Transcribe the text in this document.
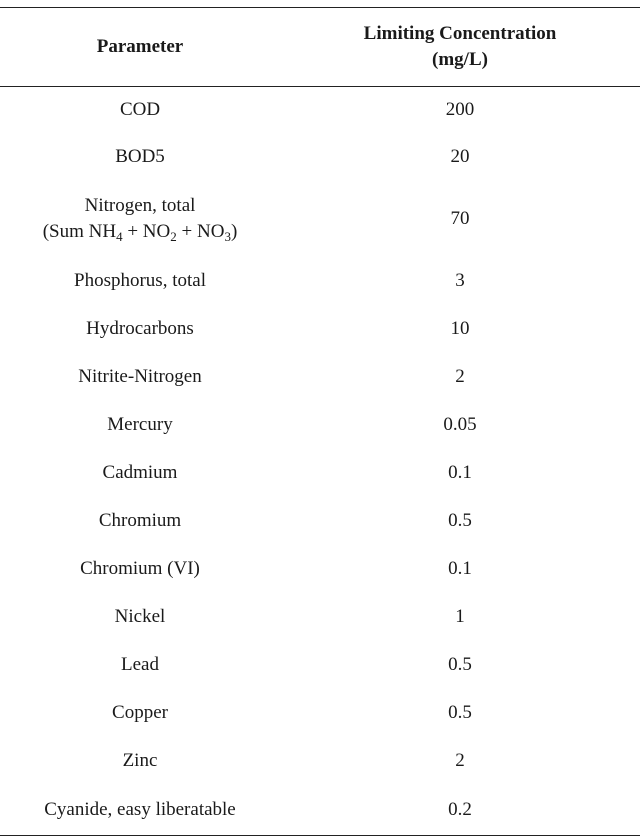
Parameter	Limiting Concentration
(mg/L)
COD	200
BOD5	20
Nitrogen, total
(Sum $NH_4 + NO_2 + NO_3$)	70
Phosphorus, total	3
Hydrocarbons	10
Nitrite-Nitrogen	2
Mercury	0.05
Cadmium	0.1
Chromium	0.5
Chromium (VI)	0.1
Nickel	1
Lead	0.5
Copper	0.5
Zinc	2
Cyanide, easy liberatable	0.2
